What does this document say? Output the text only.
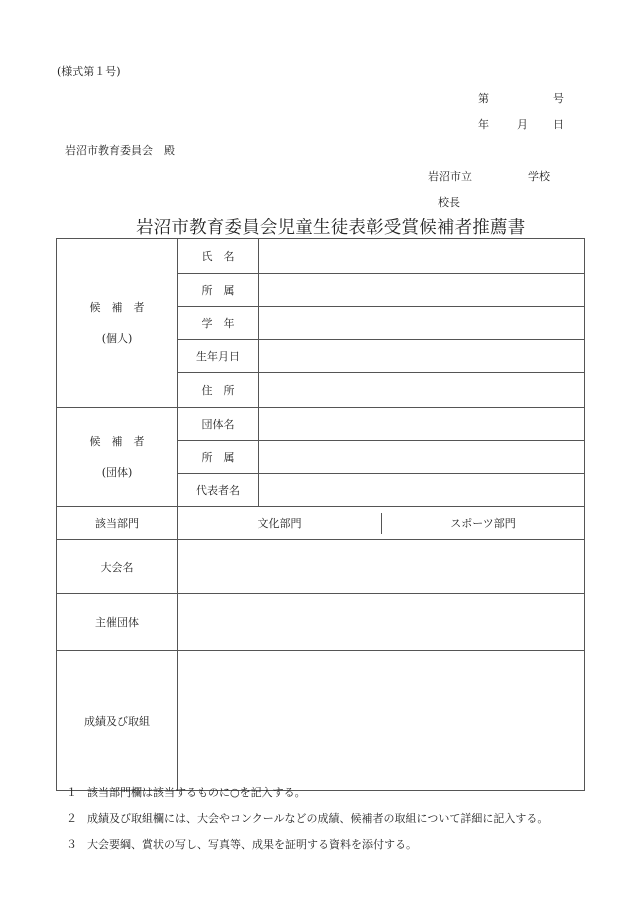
(様式第１号)
第	号
年	月 日
岩沼市教育委員会　殿
岩沼市立	学校
校長
岩沼市教育委員会児童生徒表彰受賞候補者推薦書
候　補　者
(個人)	氏　名	
	所　属	
	学　年	
	生年月日	
	住　所	

候　補　者
(団体)	団体名	
	所　属	
	代表者名	
該当部門	文化部門 スポーツ部門	

大会名		
主催団体		
成績及び取組		
１ 該当部門欄は該当するものに○を記入する。
２ 成績及び取組欄には、大会やコンクールなどの成績、候補者の取組について詳細に記入する。
３ 大会要綱、賞状の写し、写真等、成果を証明する資料を添付する。
